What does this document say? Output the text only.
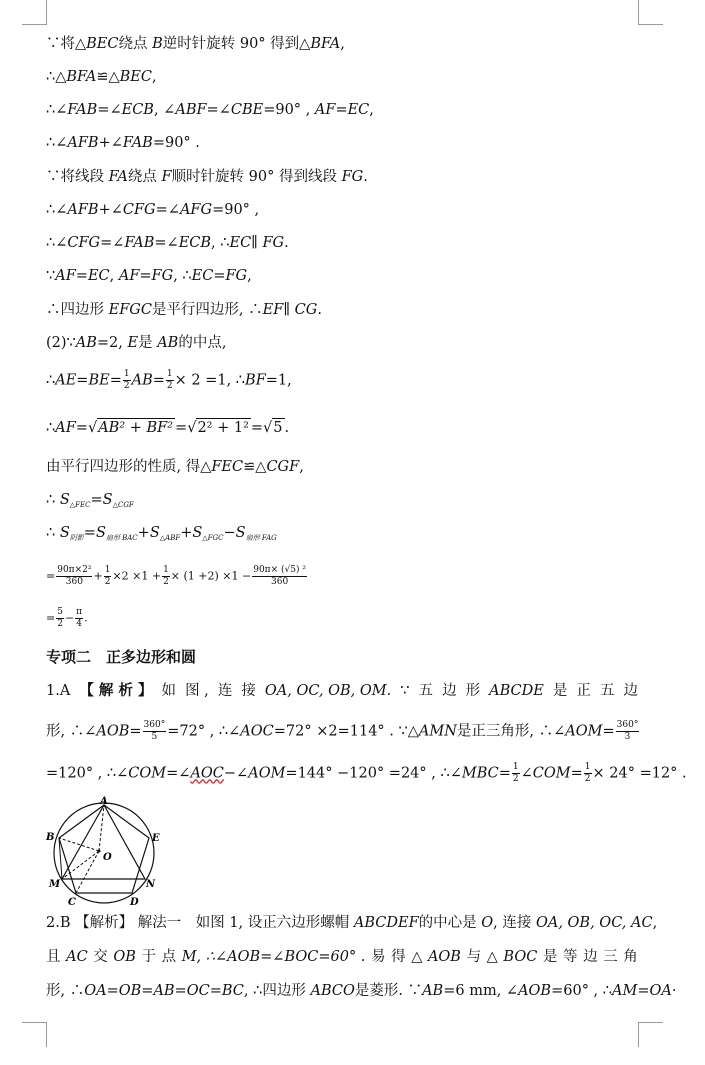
∵将△BEC绕点 B逆时针旋转 90° 得到△BFA,
∴△BFA≌△BEC,
∴∠FAB=∠ECB, ∠ABF=∠CBE=90° , AF=EC,
∴∠AFB+∠FAB=90° .
∵将线段 FA绕点 F顺时针旋转 90° 得到线段 FG.
∴∠AFB+∠CFG=∠AFG=90° ,
∴∠CFG=∠FAB=∠ECB, ∴EC∥ FG.
∵AF=EC, AF=FG, ∴EC=FG,
∴四边形 EFGC是平行四边形, ∴EF∥ CG.
(2)∵AB=2, E是 AB的中点,
∴AE=BE= $\frac{1}{2} AB= \frac{1}{2} \times 2 =1$, ∴BF=1,
∴AF=√AB² + BF² =√2² + 1² =√5 .
由平行四边形的性质, 得△FEC≌△CGF,
∴ $S_{\triangle FEC}=S_{\triangle CGF}$
∴ $S_{阴影}=S_{扇形 BAC}+S_{\triangle ABF}+S_{\triangle FGC}-S_{扇形 FAG}$
= $\frac{\text{90π×2²}}{360} + \frac{1}{2} \times 2 \times 1 + \frac{1}{2} \times (1 +2) \times 1 - \frac{\text{90π× (√5) ²}}{360}$
= $\frac{5}{2} - \frac{\pi}{4}$ .
专项二　正多边形和圆
1.A 【 解 析 】 如 图 , 连 接 OA, OC, OB, OM. ∵ 五 边 形 ABCDE 是 正 五 边
形, ∴∠AOB= $\frac{360^\circ}{5} =72^\circ$ , ∴∠AOC=72° ×2=114° . ∵△AMN是正三角形, ∴∠AOM= $\frac{360^\circ}{3}$
=120° , ∴∠COM=∠AOC−∠AOM=144° −120° =24° , ∴∠MBC= $\frac{1}{2}$ ∠COM= $\frac{1}{2} \times 24^\circ =12^\circ$ .
A
B	E
O
M	N
C	D
2.B 【解析】 解法一　如图 1, 设正六边形螺帽 ABCDEF的中心是 O, 连接 OA, OB, OC, AC,
且 AC 交 OB 于 点 M, ∴∠AOB=∠BOC=60° . 易 得 △ AOB 与 △ BOC 是 等 边 三 角
形, ∴OA=OB=AB=OC=BC, ∴四边形 ABCO是菱形. ∵AB=6 mm, ∠AOB=60° , ∴AM=OA·
